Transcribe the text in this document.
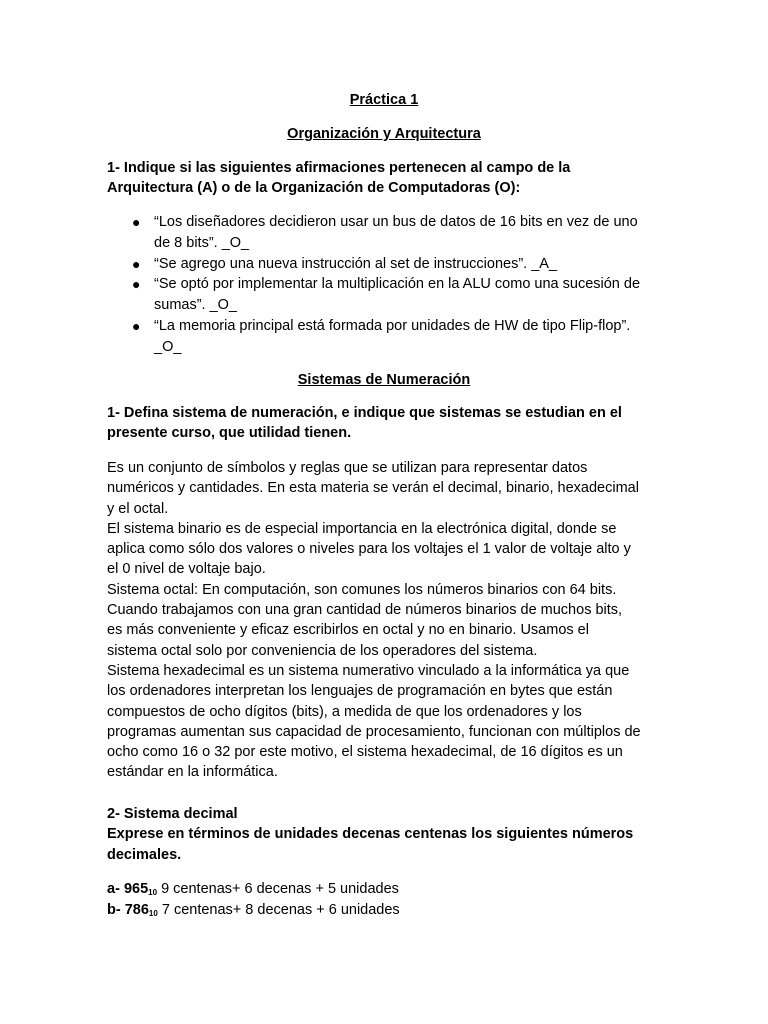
Práctica 1
Organización y Arquitectura
1- Indique si las siguientes afirmaciones pertenecen al campo de la
Arquitectura (A) o de la Organización de Computadoras (O):
● “Los diseñadores decidieron usar un bus de datos de 16 bits en vez de uno
de 8 bits”. _O_
● “Se agrego una nueva instrucción al set de instrucciones”. _A_
● “Se optó por implementar la multiplicación en la ALU como una sucesión de
sumas”. _O_
● “La memoria principal está formada por unidades de HW de tipo Flip-flop”.
_O_
Sistemas de Numeración
1- Defina sistema de numeración, e indique que sistemas se estudian en el
presente curso, que utilidad tienen.
Es un conjunto de símbolos y reglas que se utilizan para representar datos
numéricos y cantidades. En esta materia se verán el decimal, binario, hexadecimal
y el octal.
El sistema binario es de especial importancia en la electrónica digital, donde se
aplica como sólo dos valores o niveles para los voltajes el 1 valor de voltaje alto y
el 0 nivel de voltaje bajo.
Sistema octal: En computación, son comunes los números binarios con 64 bits.
Cuando trabajamos con una gran cantidad de números binarios de muchos bits,
es más conveniente y eficaz escribirlos en octal y no en binario. Usamos el
sistema octal solo por conveniencia de los operadores del sistema.
Sistema hexadecimal es un sistema numerativo vinculado a la informática ya que
los ordenadores interpretan los lenguajes de programación en bytes que están
compuestos de ocho dígitos (bits), a medida de que los ordenadores y los
programas aumentan sus capacidad de procesamiento, funcionan con múltiplos de
ocho como 16 o 32 por este motivo, el sistema hexadecimal, de 16 dígitos es un
estándar en la informática.
2- Sistema decimal
Exprese en términos de unidades decenas centenas los siguientes números
decimales.
a- $965_{10}$ 9 centenas+ 6 decenas + 5 unidades
b- $786_{10}$ 7 centenas+ 8 decenas + 6 unidades
